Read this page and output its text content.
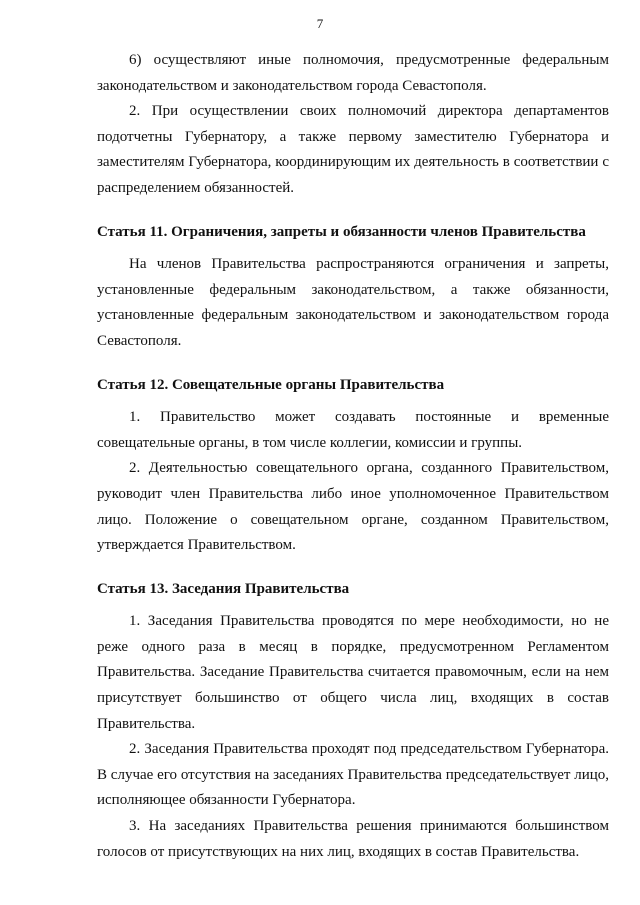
7

6) осуществляют иные полномочия, предусмотренные федеральным законодательством и законодательством города Севастополя.

2. При осуществлении своих полномочий директора департаментов подотчетны Губернатору, а также первому заместителю Губернатора и заместителям Губернатора, координирующим их деятельность в соответствии с распределением обязанностей.

Статья 11. Ограничения, запреты и обязанности членов Правительства

На членов Правительства распространяются ограничения и запреты, установленные федеральным законодательством, а также обязанности, установленные федеральным законодательством и законодательством города Севастополя.

Статья 12. Совещательные органы Правительства

1. Правительство может создавать постоянные и временные совещательные органы, в том числе коллегии, комиссии и группы.

2. Деятельностью совещательного органа, созданного Правительством, руководит член Правительства либо иное уполномоченное Правительством лицо. Положение о совещательном органе, созданном Правительством, утверждается Правительством.

Статья 13. Заседания Правительства

1. Заседания Правительства проводятся по мере необходимости, но не реже одного раза в месяц в порядке, предусмотренном Регламентом Правительства. Заседание Правительства считается правомочным, если на нем присутствует большинство от общего числа лиц, входящих в состав Правительства.

2. Заседания Правительства проходят под председательством Губернатора. В случае его отсутствия на заседаниях Правительства председательствует лицо, исполняющее обязанности Губернатора.

3. На заседаниях Правительства решения принимаются большинством голосов от присутствующих на них лиц, входящих в состав Правительства.
